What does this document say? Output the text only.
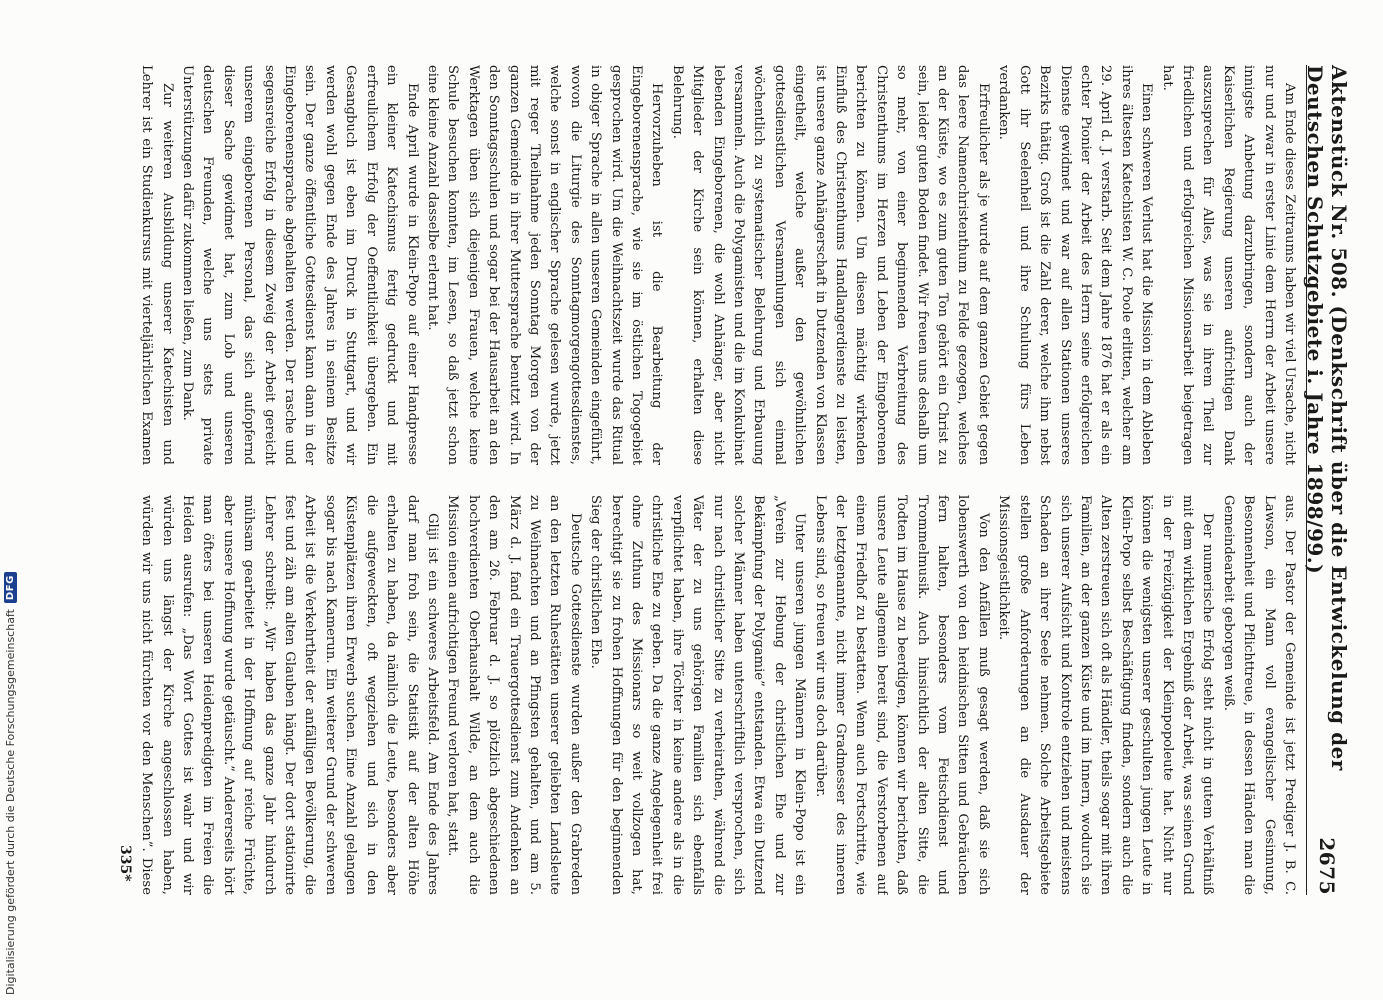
Aktenstück Nr. 508. (Denkschrift über die Entwickelung der Deutschen Schutzgebiete i. Jahre 1898/99.)
2675

Am Ende dieses Zeitraums haben wir viel Ursache, nicht nur und zwar in erster Linie dem Herrn der Arbeit unsere innigste Anbetung darzubringen, sondern auch der Kaiserlichen Regierung unseren aufrichtigen Dank auszusprechen für Alles, was sie in ihrem Theil zur friedlichen und erfolgreichen Missionsarbeit beigetragen hat.

Einen schweren Verlust hat die Mission in dem Ableben ihres ältesten Katechisten W. C. Poole erlitten, welcher am 29. April d. J. verstarb. Seit dem Jahre 1876 hat er als ein echter Pionier der Arbeit des Herrn seine erfolgreichen Dienste gewidmet und war auf allen Stationen unseres Bezirks thätig. Groß ist die Zahl derer, welche ihm nebst Gott ihr Seelenheil und ihre Schulung fürs Leben verdanken.

Erfreulicher als je wurde auf dem ganzen Gebiet gegen das leere Namenchristenthum zu Felde gezogen, welches an der Küste, wo es zum guten Ton gehört ein Christ zu sein, leider guten Boden findet. Wir freuen uns deshalb um so mehr, von einer beginnenden Verbreitung des Christenthums im Herzen und Leben der Eingeborenen berichten zu können. Um diesen mächtig wirkenden Einfluß des Christenthums Handlangerdienste zu leisten, ist unsere ganze Anhängerschaft in Dutzenden von Klassen eingetheilt, welche außer den gewöhnlichen gottesdienstlichen Versammlungen sich einmal wöchentlich zu systematischer Belehrung und Erbauung versammeln. Auch die Polygamisten und die im Konkubinat lebenden Eingeborenen, die wohl Anhänger, aber nicht Mitglieder der Kirche sein können, erhalten diese Belehrung.

Hervorzuheben ist die Bearbeitung der Eingeborenensprache, wie sie im östlichen Togogebiet gesprochen wird. Um die Weihnachtszeit wurde das Ritual in obiger Sprache in allen unseren Gemeinden eingeführt, wovon die Liturgie des Sonntagmorgengottesdienstes, welche sonst in englischer Sprache gelesen wurde, jetzt mit reger Theilnahme jeden Sonntag Morgen von der ganzen Gemeinde in ihrer Muttersprache benutzt wird. In den Sonntagsschulen und sogar bei der Hausarbeit an den Werktagen üben sich diejenigen Frauen, welche keine Schule besuchen konnten, im Lesen, so daß jetzt schon eine kleine Anzahl dasselbe erlernt hat.

Ende April wurde in Klein-Popo auf einer Handpresse ein kleiner Katechismus fertig gedruckt und mit erfreulichem Erfolg der Oeffentlichkeit übergeben. Ein Gesangbuch ist eben im Druck in Stuttgart, und wir werden wohl gegen Ende des Jahres in seinem Besitze sein. Der ganze öffentliche Gottesdienst kann dann in der Eingeborenensprache abgehalten werden. Der rasche und segensreiche Erfolg in diesem Zweig der Arbeit gereicht unserem eingeborenen Personal, das sich aufopfernd dieser Sache gewidmet hat, zum Lob und unseren deutschen Freunden, welche uns stets private Unterstützungen dafür zukommen ließen, zum Dank.

Zur weiteren Ausbildung unserer Katechisten und Lehrer ist ein Studienkursus mit vierteljährlichen Examen

aus. Der Pastor der Gemeinde ist jetzt Prediger J. B. C. Lawson, ein Mann voll evangelischer Gesinnung, Besonnenheit und Pflichttreue, in dessen Händen man die Gemeindearbeit geborgen weiß.

Der numerische Erfolg steht nicht in gutem Verhältniß mit dem wirklichen Ergebniß der Arbeit, was seinen Grund in der Freizügigkeit der Kleinpopoleute hat. Nicht nur können die wenigsten unserer geschulten jungen Leute in Klein-Popo selbst Beschäftigung finden, sondern auch die Alten zerstreuen sich oft als Händler, theils sogar mit ihren Familien, an der ganzen Küste und im Innern, wodurch sie sich unserer Aufsicht und Kontrole entziehen und meistens Schaden an ihrer Seele nehmen. Solche Arbeitsgebiete stellen große Anforderungen an die Ausdauer der Missionsgeistlichkeit.

Von den Anfällen muß gesagt werden, daß sie sich lobenswerth von den heidnischen Sitten und Gebräuchen fern halten, besonders vom Fetischdienst und Trommelmusik. Auch hinsichtlich der alten Sitte, die Todten im Hause zu beerdigen, können wir berichten, daß unsere Leute allgemein bereit sind, die Verstorbenen auf einem Friedhof zu bestatten. Wenn auch Fortschritte, wie der letztgenannte, nicht immer Gradmesser des inneren Lebens sind, so freuen wir uns doch darüber.

Unter unseren jungen Männern in Klein-Popo ist ein „Verein zur Hebung der christlichen Ehe und zur Bekämpfung der Polygamie” entstanden. Etwa ein Dutzend solcher Männer haben unterschriftlich versprochen, sich nur nach christlicher Sitte zu verheirathen, während die Väter der zu uns gehörigen Familien sich ebenfalls verpflichtet haben, ihre Töchter in keine andere als in die christliche Ehe zu geben. Da die ganze Angelegenheit frei ohne Zuthun des Missionars so weit vollzogen hat, berechtigt sie zu frohen Hoffnungen für den beginnenden Sieg der christlichen Ehe.

Deutsche Gottesdienste wurden außer den Grabreden an den letzten Ruhestätten unserer geliebten Landsleute zu Weihnachten und an Pfingsten gehalten, und am 5. März d. J. fand ein Trauergottesdienst zum Andenken an den am 26. Februar d. J. so plötzlich abgeschiedenen hochverdienten Oberhaushalt Wilde, an dem auch die Mission einen aufrichtigen Freund verloren hat, statt.

Gliji ist ein schweres Arbeitsfeld. Am Ende des Jahres darf man froh sein, die Statistik auf der alten Höhe erhalten zu haben, da nämlich die Leute, besonders aber die aufgeweckten, oft wegziehen und sich in den Küstenplätzen ihren Erwerb suchen. Eine Anzahl gelangen sogar bis nach Kamerun. Ein weiterer Grund der schweren Arbeit ist die Verkehrtheit der anfälligen Bevölkerung, die fest und zäh am alten Glauben hängt. Der dort stationirte Lehrer schreibt: „Wir haben das ganze Jahr hindurch mühsam gearbeitet in der Hoffnung auf reiche Früchte, aber unsere Hoffnung wurde getäuscht.” Andererseits hört man öfters bei unseren Heidenpredigten im Freien die Heiden ausrufen: „Das Wort Gottes ist wahr und wir würden uns längst der Kirche angeschlossen haben, würden wir uns nicht fürchten vor den Menschen”. Diese

335*
Digitalisierung gefördert durch die Deutsche Forschungsgemeinschaft
DFG
